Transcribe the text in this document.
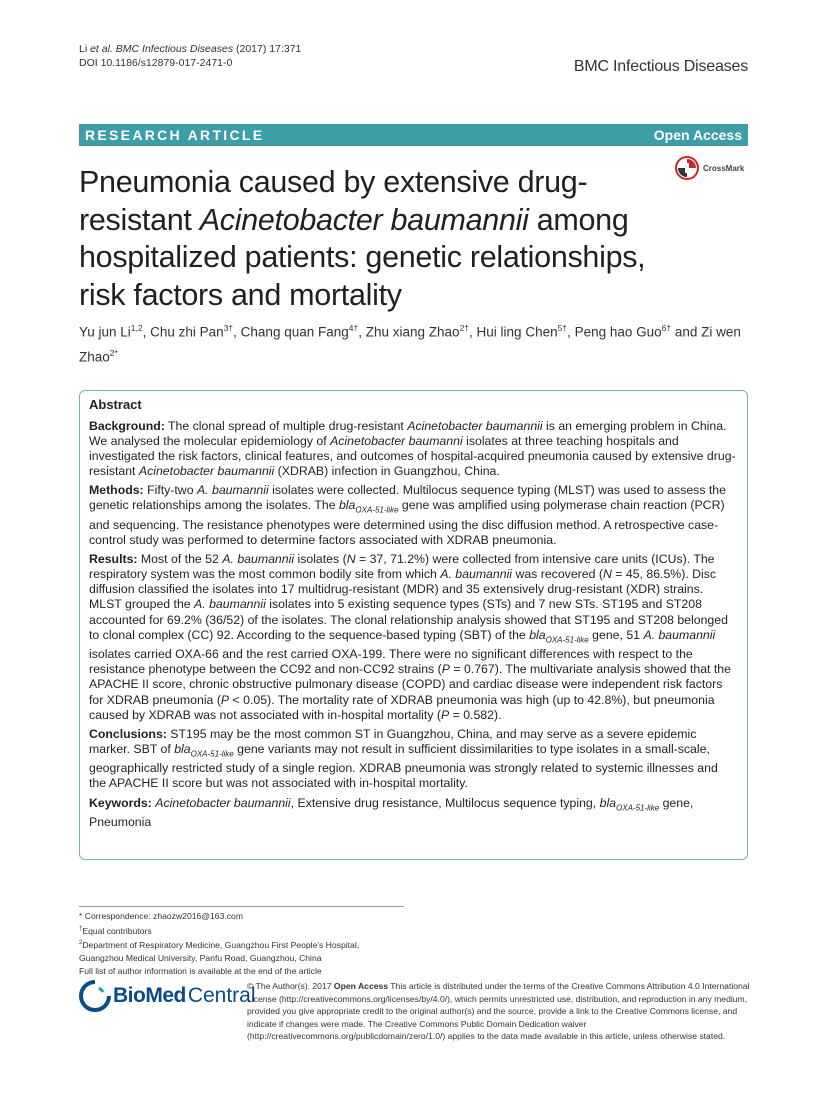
Li et al. BMC Infectious Diseases (2017) 17:371
DOI 10.1186/s12879-017-2471-0	BMC Infectious Diseases
RESEARCH ARTICLE	Open Access
CrossMark
Pneumonia caused by extensive drug-resistant Acinetobacter baumannii among hospitalized patients: genetic relationships, risk factors and mortality
Yu jun Li$^{1,2}$, Chu zhi Pan$^{3\dagger}$, Chang quan Fang$^{4\dagger}$, Zhu xiang Zhao$^{2\dagger}$, Hui ling Chen$^{5\dagger}$, Peng hao Guo$^{6\dagger}$ and Zi wen Zhao$^{2*}$
Abstract

Background: The clonal spread of multiple drug-resistant Acinetobacter baumannii is an emerging problem in China. We analysed the molecular epidemiology of Acinetobacter baumanni isolates at three teaching hospitals and investigated the risk factors, clinical features, and outcomes of hospital-acquired pneumonia caused by extensive drug-resistant Acinetobacter baumannii (XDRAB) infection in Guangzhou, China.

Methods: Fifty-two A. baumannii isolates were collected. Multilocus sequence typing (MLST) was used to assess the genetic relationships among the isolates. The bla$_{OXA-51-like}$ gene was amplified using polymerase chain reaction (PCR) and sequencing. The resistance phenotypes were determined using the disc diffusion method. A retrospective case-control study was performed to determine factors associated with XDRAB pneumonia.

Results: Most of the 52 A. baumannii isolates (N = 37, 71.2%) were collected from intensive care units (ICUs). The respiratory system was the most common bodily site from which A. baumannii was recovered (N = 45, 86.5%). Disc diffusion classified the isolates into 17 multidrug-resistant (MDR) and 35 extensively drug-resistant (XDR) strains. MLST grouped the A. baumannii isolates into 5 existing sequence types (STs) and 7 new STs. ST195 and ST208 accounted for 69.2% (36/52) of the isolates. The clonal relationship analysis showed that ST195 and ST208 belonged to clonal complex (CC) 92. According to the sequence-based typing (SBT) of the bla$_{OXA-51-like}$ gene, 51 A. baumannii isolates carried OXA-66 and the rest carried OXA-199. There were no significant differences with respect to the resistance phenotype between the CC92 and non-CC92 strains (P = 0.767). The multivariate analysis showed that the APACHE II score, chronic obstructive pulmonary disease (COPD) and cardiac disease were independent risk factors for XDRAB pneumonia (P < 0.05). The mortality rate of XDRAB pneumonia was high (up to 42.8%), but pneumonia caused by XDRAB was not associated with in-hospital mortality (P = 0.582).

Conclusions: ST195 may be the most common ST in Guangzhou, China, and may serve as a severe epidemic marker. SBT of bla$_{OXA-51-like}$ gene variants may not result in sufficient dissimilarities to type isolates in a small-scale, geographically restricted study of a single region. XDRAB pneumonia was strongly related to systemic illnesses and the APACHE II score but was not associated with in-hospital mortality.

Keywords: Acinetobacter baumannii, Extensive drug resistance, Multilocus sequence typing, bla$_{OXA-51-like}$ gene, Pneumonia

* Correspondence: zhaozw2016@163.com
†Equal contributors
$^2$Department of Respiratory Medicine, Guangzhou First People's Hospital, Guangzhou Medical University, Panfu Road, Guangzhou, China
Full list of author information is available at the end of the article
BioMed Central
© The Author(s). 2017 Open Access This article is distributed under the terms of the Creative Commons Attribution 4.0 International License (http://creativecommons.org/licenses/by/4.0/), which permits unrestricted use, distribution, and reproduction in any medium, provided you give appropriate credit to the original author(s) and the source, provide a link to the Creative Commons license, and indicate if changes were made. The Creative Commons Public Domain Dedication waiver (http://creativecommons.org/publicdomain/zero/1.0/) applies to the data made available in this article, unless otherwise stated.
